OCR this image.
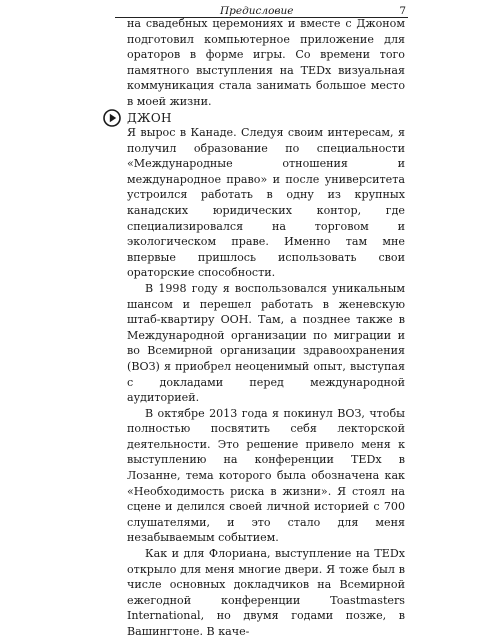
Предисловие	7

на свадебных церемониях и вместе с Джоном подготовил компьютерное приложение для ораторов в форме игры. Со времени того памятного выступления на TEDx визуальная коммуникация стала занимать большое место в моей жизни.

ДЖОН

Я вырос в Канаде. Следуя своим интересам, я получил образование по специальности «Международные отношения и международное право» и после университета устроился работать в одну из крупных канадских юридических контор, где специализировался на торговом и экологическом праве. Именно там мне впервые пришлось использовать свои ораторские способности.

В 1998 году я воспользовался уникальным шансом и перешел работать в женевскую штаб-квартиру ООН. Там, а позднее также в Международной организации по миграции и во Всемирной организации здравоохранения (ВОЗ) я приобрел неоценимый опыт, выступая с докладами перед международной аудиторией.

В октябре 2013 года я покинул ВОЗ, чтобы полностью посвятить себя лекторской деятельности. Это решение привело меня к выступлению на конференции TEDx в Лозанне, тема которого была обозначена как «Необходимость риска в жизни». Я стоял на сцене и делился своей личной историей с 700 слушателями, и это стало для меня незабываемым событием.

Как и для Флориана, выступление на TEDx открыло для меня многие двери. Я тоже был в числе основных докладчиков на Всемирной ежегодной конференции Toastmasters International, но двумя годами позже, в Вашингтоне. В каче-
